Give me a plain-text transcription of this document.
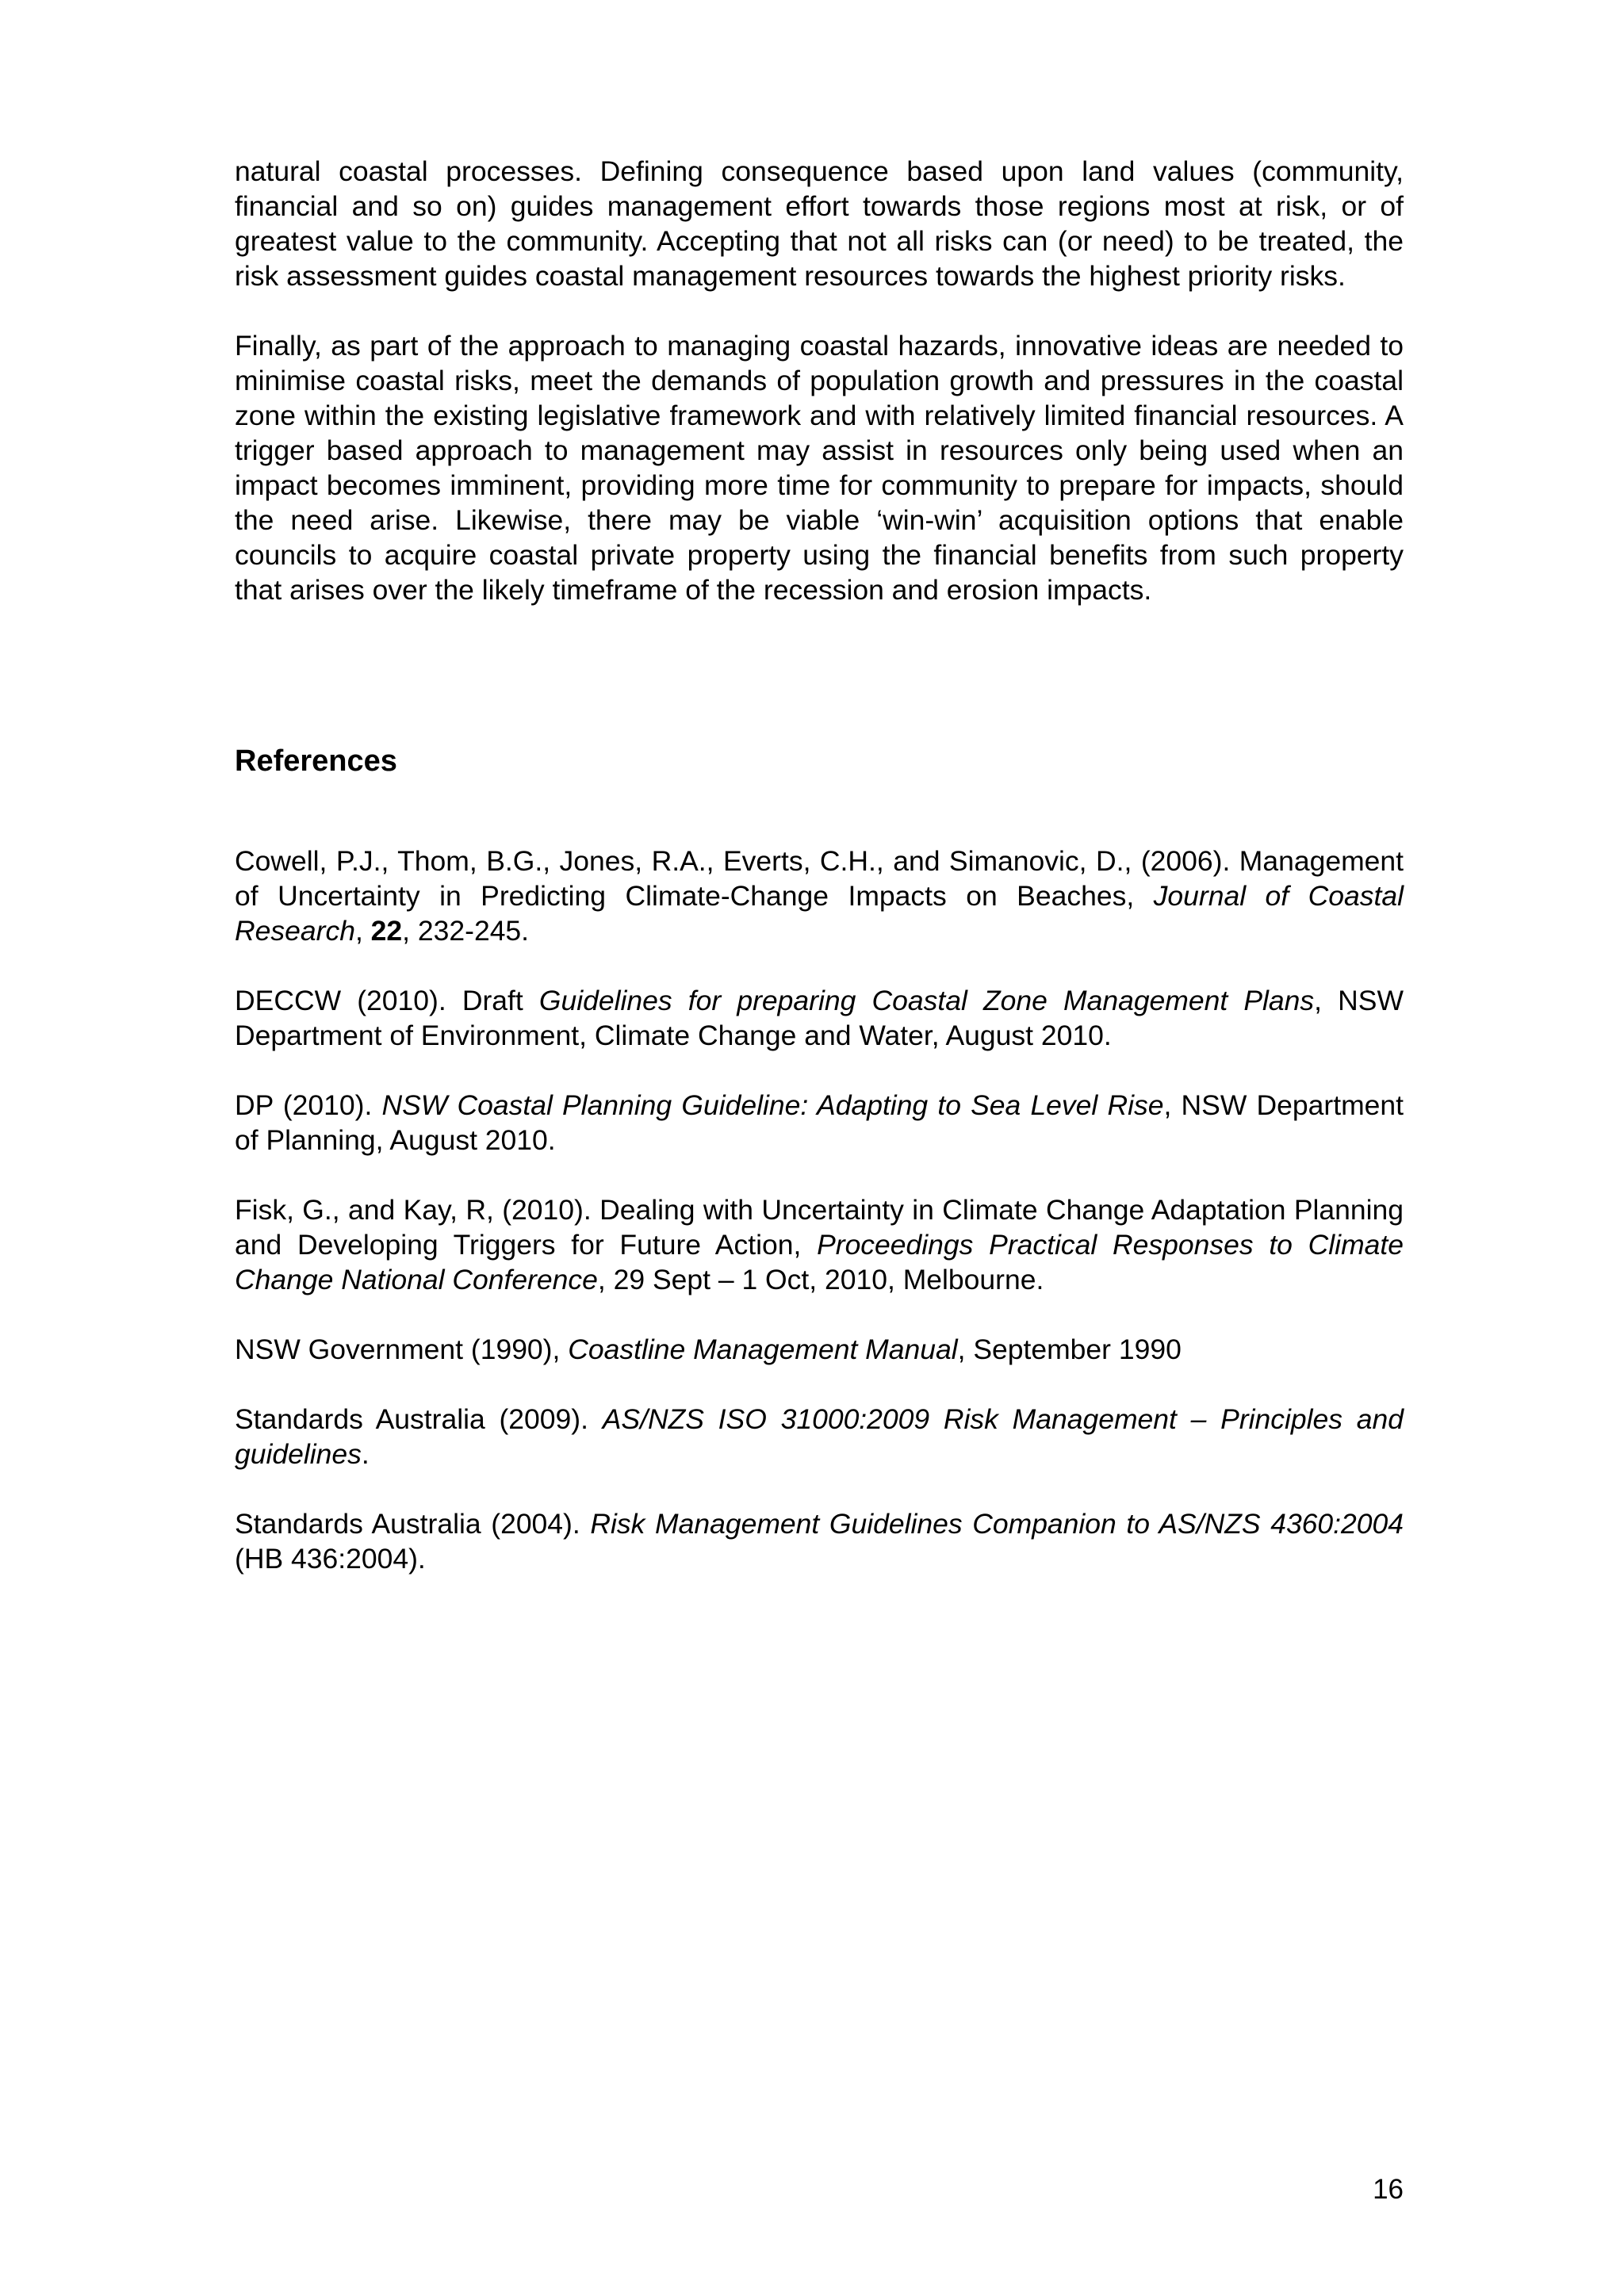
natural coastal processes. Defining consequence based upon land values (community, financial and so on) guides management effort towards those regions most at risk, or of greatest value to the community. Accepting that not all risks can (or need) to be treated, the risk assessment guides coastal management resources towards the highest priority risks.

Finally, as part of the approach to managing coastal hazards, innovative ideas are needed to minimise coastal risks, meet the demands of population growth and pressures in the coastal zone within the existing legislative framework and with relatively limited financial resources. A trigger based approach to management may assist in resources only being used when an impact becomes imminent, providing more time for community to prepare for impacts, should the need arise. Likewise, there may be viable ‘win-win’ acquisition options that enable councils to acquire coastal private property using the financial benefits from such property that arises over the likely timeframe of the recession and erosion impacts.

References

Cowell, P.J., Thom, B.G., Jones, R.A., Everts, C.H., and Simanovic, D., (2006). Management of Uncertainty in Predicting Climate-Change Impacts on Beaches, Journal of Coastal Research, 22, 232-245.

DECCW (2010). Draft Guidelines for preparing Coastal Zone Management Plans, NSW Department of Environment, Climate Change and Water, August 2010.

DP (2010). NSW Coastal Planning Guideline: Adapting to Sea Level Rise, NSW Department of Planning, August 2010.

Fisk, G., and Kay, R, (2010). Dealing with Uncertainty in Climate Change Adaptation Planning and Developing Triggers for Future Action, Proceedings Practical Responses to Climate Change National Conference, 29 Sept – 1 Oct, 2010, Melbourne.

NSW Government (1990), Coastline Management Manual, September 1990

Standards Australia (2009). AS/NZS ISO 31000:2009 Risk Management – Principles and guidelines.

Standards Australia (2004). Risk Management Guidelines Companion to AS/NZS 4360:2004 (HB 436:2004).

16
